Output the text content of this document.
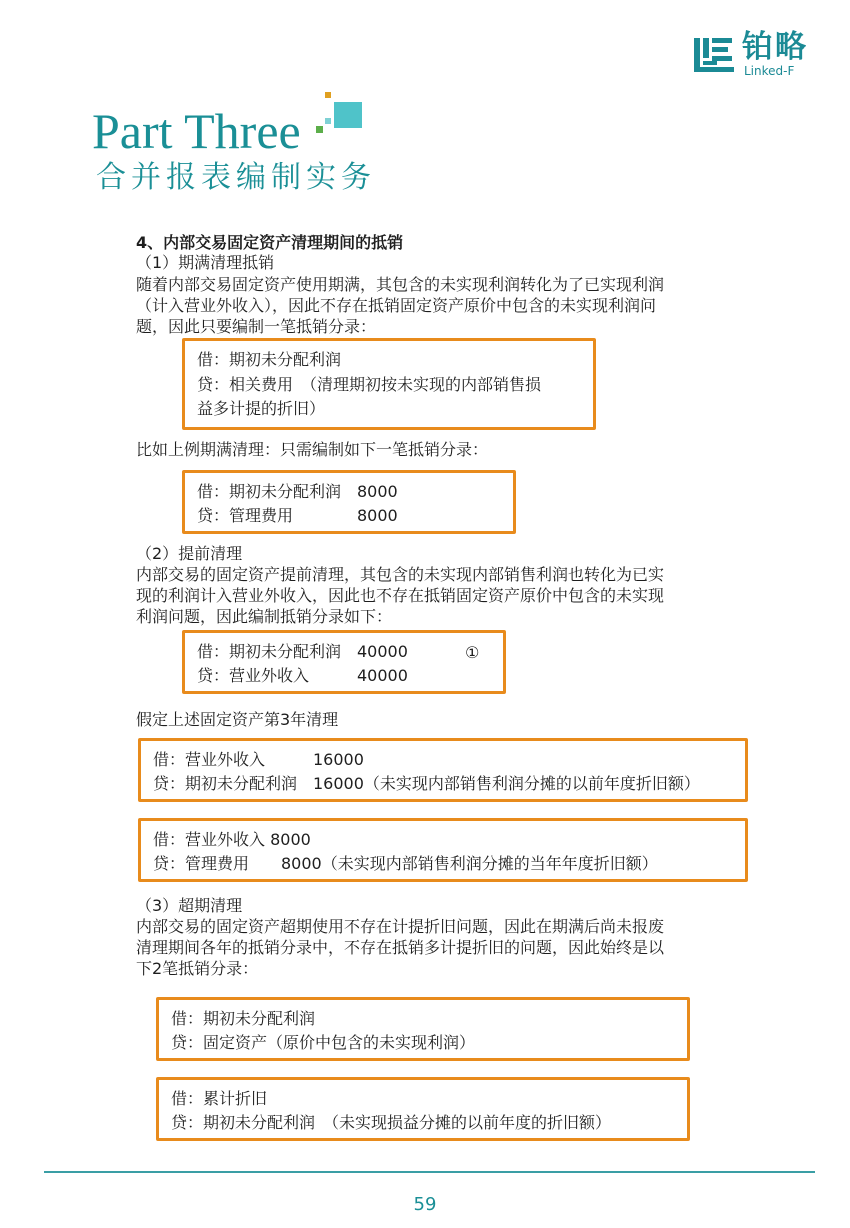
铂略
Linked-F
Part Three
合并报表编制实务
4、内部交易固定资产清理期间的抵销
（1）期满清理抵销
随着内部交易固定资产使用期满，其包含的未实现利润转化为了已实现利润
（计入营业外收入），因此不存在抵销固定资产原价中包含的未实现利润问
题，因此只要编制一笔抵销分录：
借：期初未分配利润
贷：相关费用　（清理期初按未实现的内部销售损
益多计提的折旧）
比如上例期满清理：只需编制如下一笔抵销分录：
借：期初未分配利润　8000
贷：管理费用　　　　8000
（2）提前清理
内部交易的固定资产提前清理，其包含的未实现内部销售利润也转化为已实
现的利润计入营业外收入，因此也不存在抵销固定资产原价中包含的未实现
利润问题，因此编制抵销分录如下：
借：期初未分配利润　40000
贷：营业外收入　　　40000
①
假定上述固定资产第3年清理
借：营业外收入　　　16000
贷：期初未分配利润　16000（未实现内部销售利润分摊的以前年度折旧额）
借：营业外收入 8000
贷：管理费用　　8000（未实现内部销售利润分摊的当年年度折旧额）
（3）超期清理
内部交易的固定资产超期使用不存在计提折旧问题，因此在期满后尚未报废
清理期间各年的抵销分录中，不存在抵销多计提折旧的问题，因此始终是以
下2笔抵销分录：
借：期初未分配利润
贷：固定资产（原价中包含的未实现利润）
借：累计折旧
贷：期初未分配利润　（未实现损益分摊的以前年度的折旧额）
59
